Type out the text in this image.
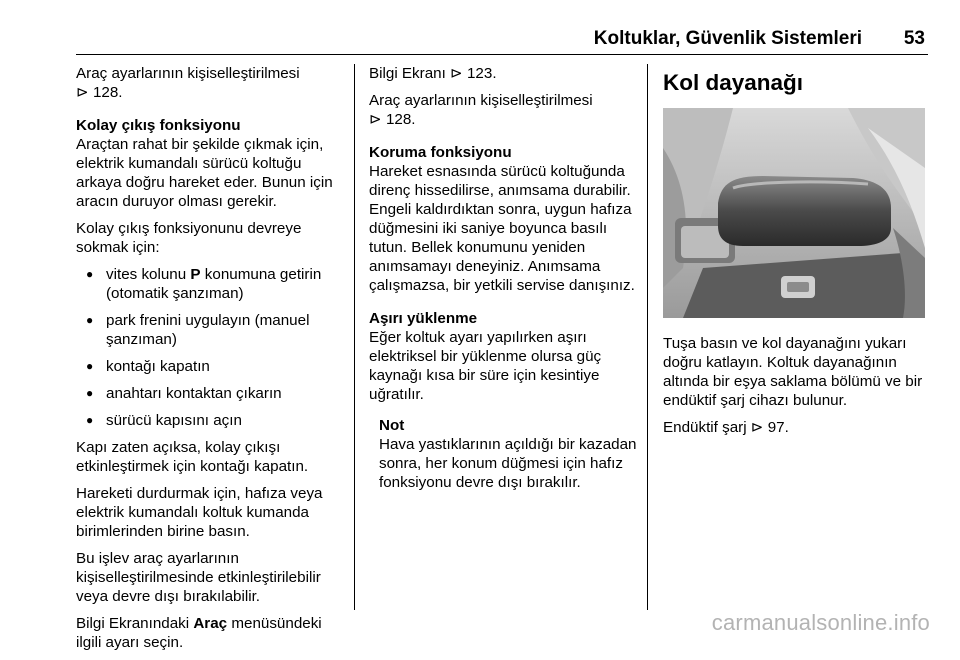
Koltuklar, Güvenlik Sistemleri 53

Araç ayarlarının kişiselleştirilmesi
⊳ 128.

Kolay çıkış fonksiyonu
Araçtan rahat bir şekilde çıkmak için, elektrik kumandalı sürücü koltuğu arkaya doğru hareket eder. Bunun için aracın duruyor olması gerekir.

Kolay çıkış fonksiyonunu devreye sokmak için:

● vites kolunu P konumuna getirin (otomatik şanzıman)
● park frenini uygulayın (manuel şanzıman)
● kontağı kapatın
● anahtarı kontaktan çıkarın
● sürücü kapısını açın

Kapı zaten açıksa, kolay çıkışı etkinleştirmek için kontağı kapatın.

Hareketi durdurmak için, hafıza veya elektrik kumandalı koltuk kumanda birimlerinden birine basın.

Bu işlev araç ayarlarının kişiselleştirilmesinde etkinleştirilebilir veya devre dışı bırakılabilir.

Bilgi Ekranındaki Araç menüsündeki ilgili ayarı seçin.

Bilgi Ekranı ⊳ 123.

Araç ayarlarının kişiselleştirilmesi
⊳ 128.

Koruma fonksiyonu
Hareket esnasında sürücü koltuğunda direnç hissedilirse, anımsama durabilir. Engeli kaldırdıktan sonra, uygun hafıza düğmesini iki saniye boyunca basılı tutun. Bellek konumunu yeniden anımsamayı deneyiniz. Anımsama çalışmazsa, bir yetkili servise danışınız.

Aşırı yüklenme
Eğer koltuk ayarı yapılırken aşırı elektriksel bir yüklenme olursa güç kaynağı kısa bir süre için kesintiye uğratılır.

Not
Hava yastıklarının açıldığı bir kazadan sonra, her konum düğmesi için hafız fonksiyonu devre dışı bırakılır.

Kol dayanağı

Tuşa basın ve kol dayanağını yukarı doğru katlayın. Koltuk dayanağının altında bir eşya saklama bölümü ve bir endüktif şarj cihazı bulunur.

Endüktif şarj ⊳ 97.

carmanualsonline.info
